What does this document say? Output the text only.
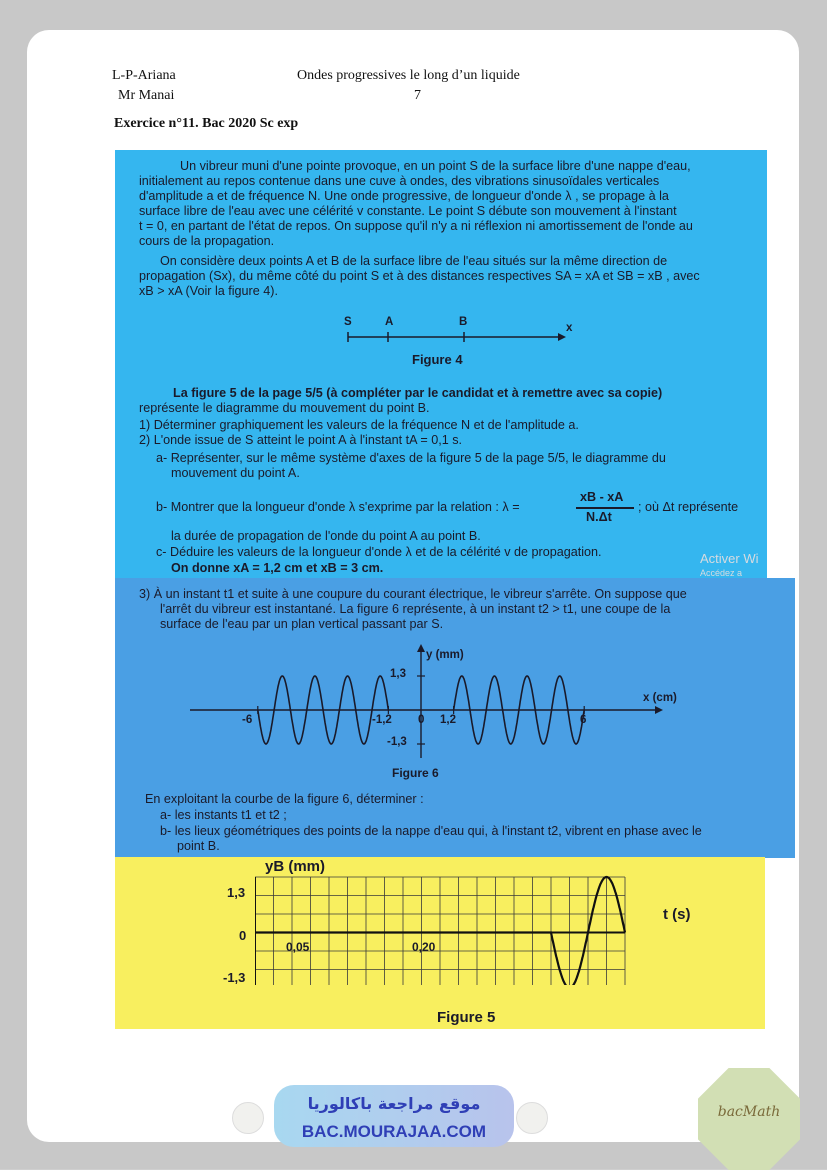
L-P-Ariana
Mr Manai
Ondes progressives le long d’un liquide
7
Exercice n°11. Bac 2020 Sc exp
Un vibreur muni d'une pointe provoque, en un point S de la surface libre d'une nappe d'eau,
initialement au repos contenue dans une cuve à ondes, des vibrations sinusoïdales verticales
d'amplitude a et de fréquence N. Une onde progressive, de longueur d'onde λ , se propage à la
surface libre de l'eau avec une célérité v constante. Le point S débute son mouvement à l'instant
t = 0, en partant de l'état de repos. On suppose qu'il n'y a ni réflexion ni amortissement de l'onde au
cours de la propagation.
On considère deux points A et B de la surface libre de l'eau situés sur la même direction de
propagation (Sx), du même côté du point S et à des distances respectives SA = xA et SB = xB , avec
xB > xA (Voir la figure 4).
S	A	B	x
Figure 4
La figure 5 de la page 5/5 (à compléter par le candidat et à remettre avec sa copie)
représente le diagramme du mouvement du point B.
1) Déterminer graphiquement les valeurs de la fréquence N et de l'amplitude a.
2) L'onde issue de S atteint le point A à l'instant tA = 0,1 s.
a- Représenter, sur le même système d'axes de la figure 5 de la page 5/5, le diagramme du
mouvement du point A.
b- Montrer que la longueur d'onde λ s'exprime par la relation : λ =
xB - xA
N.Δt
; où Δt représente
la durée de propagation de l'onde du point A au point B.
c- Déduire les valeurs de la longueur d'onde λ et de la célérité v de propagation.
On donne xA = 1,2 cm et xB = 3 cm.
Activer Wi
Accédez a
3) À un instant t1 et suite à une coupure du courant électrique, le vibreur s'arrête. On suppose que
l'arrêt du vibreur est instantané. La figure 6 représente, à un instant t2 > t1, une coupe de la
surface de l'eau par un plan vertical passant par S.
y (mm)
x (cm)
1,3
-1,3
-6	-1,2 0 1,2	6
Figure 6
En exploitant la courbe de la figure 6, déterminer :
a- les instants t1 et t2 ;
b- les lieux géométriques des points de la nappe d'eau qui, à l'instant t2, vibrent en phase avec le
point B.
yB (mm)
t (s)
1,3
0
-1,3
0,05	0,20
Figure 5
موقع مراجعة باكالوريا
BAC.MOURAJAA.COM
bacMath
